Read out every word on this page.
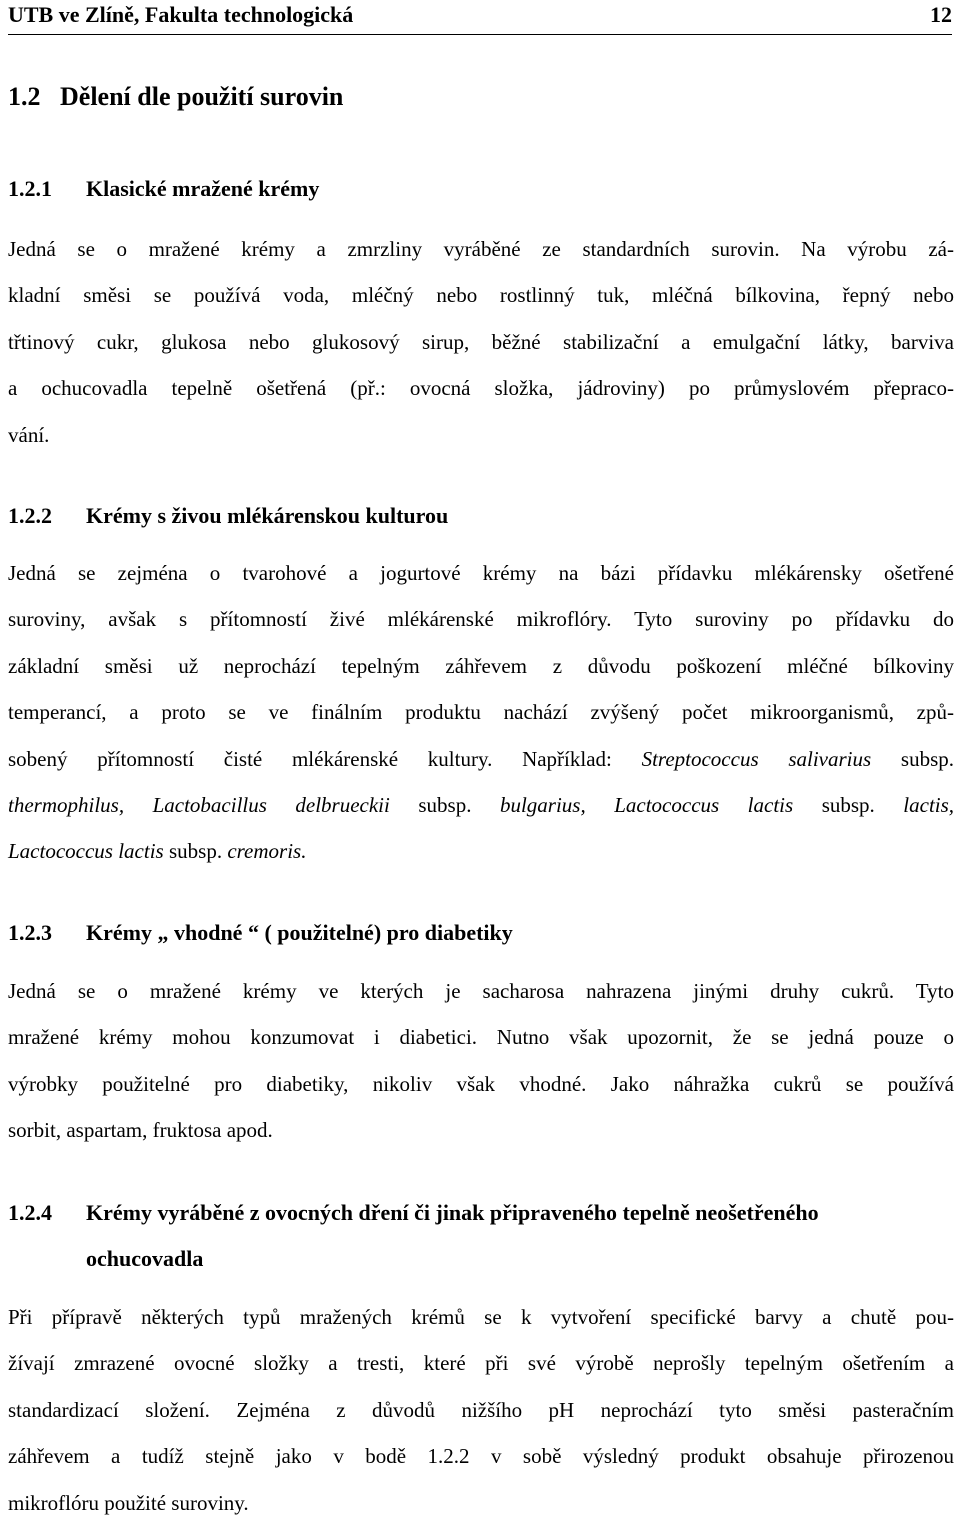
UTB ve Zlíně, Fakulta technologická	12
1.2 Dělení dle použití surovin
1.2.1 Klasické mražené krémy
Jedná se o mražené krémy a zmrzliny vyráběné ze standardních surovin. Na výrobu zá-
kladní směsi se používá voda, mléčný nebo rostlinný tuk, mléčná bílkovina, řepný nebo
třtinový cukr, glukosa nebo glukosový sirup, běžné stabilizační a emulgační látky, barviva
a ochucovadla tepelně ošetřená (př.: ovocná složka, jádroviny) po průmyslovém přepraco-
vání.
1.2.2 Krémy s živou mlékárenskou kulturou
Jedná se zejména o tvarohové a jogurtové krémy na bázi přídavku mlékárensky ošetřené
suroviny, avšak s přítomností živé mlékárenské mikroflóry. Tyto suroviny po přídavku do
základní směsi už neprochází tepelným záhřevem z důvodu poškození mléčné bílkoviny
temperancí, a proto se ve finálním produktu nachází zvýšený počet mikroorganismů, způ-
sobený přítomností čisté mlékárenské kultury. Například: Streptococcus salivarius subsp.
thermophilus, Lactobacillus delbrueckii subsp. bulgarius, Lactococcus lactis subsp. lactis,
Lactococcus lactis subsp. cremoris.
1.2.3 Krémy „ vhodné “ ( použitelné) pro diabetiky
Jedná se o mražené krémy ve kterých je sacharosa nahrazena jinými druhy cukrů. Tyto
mražené krémy mohou konzumovat i diabetici. Nutno však upozornit, že se jedná pouze o
výrobky použitelné pro diabetiky, nikoliv však vhodné. Jako náhražka cukrů se používá
sorbit, aspartam, fruktosa apod.
1.2.4 Krémy vyráběné z ovocných dření či jinak připraveného tepelně neošetřeného
ochucovadla
Při přípravě některých typů mražených krémů se k vytvoření specifické barvy a chutě pou-
žívají zmrazené ovocné složky a tresti, které při své výrobě neprošly tepelným ošetřením a
standardizací složení. Zejména z důvodů nižšího pH neprochází tyto směsi pasteračním
záhřevem a tudíž stejně jako v bodě 1.2.2 v sobě výsledný produkt obsahuje přirozenou
mikroflóru použité suroviny.
